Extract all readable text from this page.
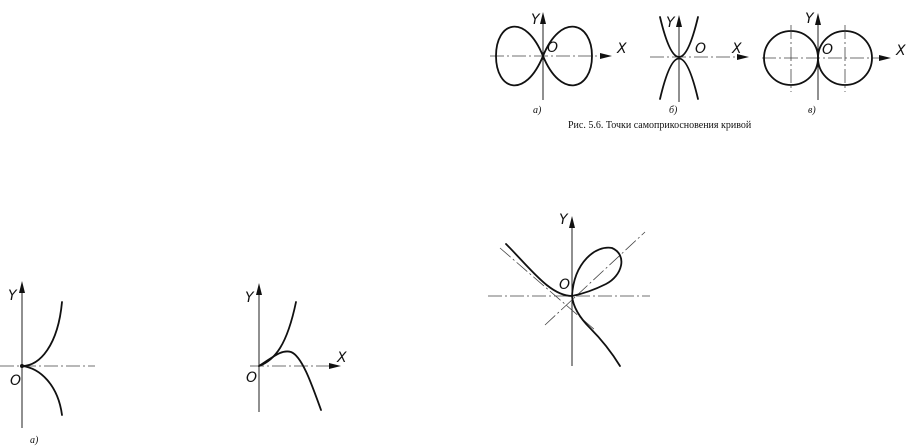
Y
X
O
а)
Y
X
O
б)
Y
X
O
в)
Рис. 5.6. Точки самоприкосновения кривой
Y
O
а)
Y
X
O
Y
O
